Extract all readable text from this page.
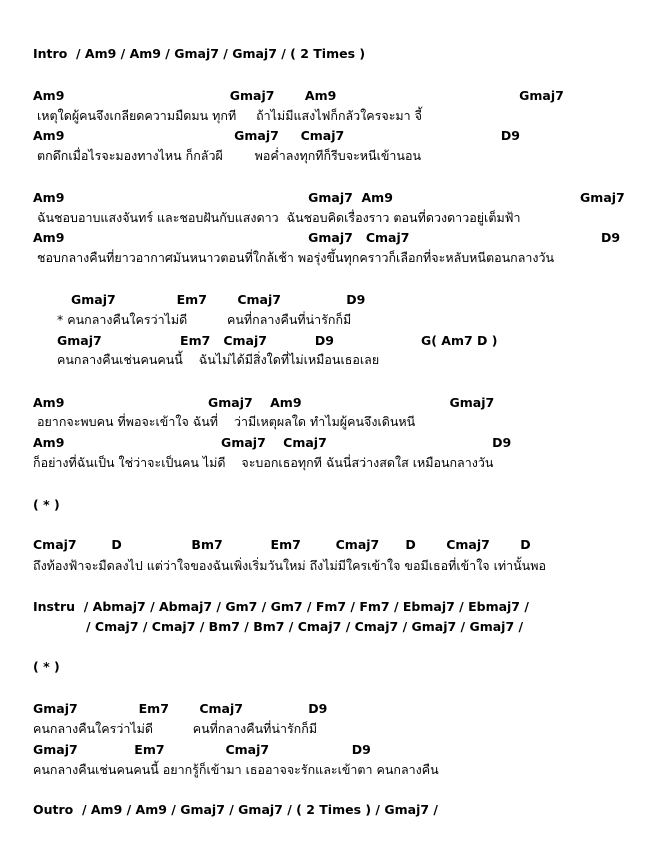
Intro  / Am9 / Am9 / Gmaj7 / Gmaj7 / ( 2 Times )
Am9                                      Gmaj7       Am9                                          Gmaj7
เหตุใดผู้คนจึงเกลียดความมืดมน ทุกที     ถ้าไม่มีแสงไฟก็กลัวใครจะมา จี้
Am9                                       Gmaj7     Cmaj7                                    D9
ตกดึกเมื่อไรจะมองทางไหน ก็กลัวผี        พอค่ำลงทุกทีก็รีบจะหนีเข้านอน
Am9                                                        Gmaj7  Am9                                           Gmaj7
ฉันชอบอาบแสงจันทร์ และชอบฝันกับแสงดาว  ฉันชอบคิดเรื่องราว ตอนที่ดวงดาวอยู่เต็มฟ้า
Am9                                                        Gmaj7   Cmaj7                                            D9
ชอบกลางคืนที่ยาวอากาศมันหนาวตอนที่ใกล้เช้า พอรุ่งขึ้นทุกคราวก็เลือกที่จะหลับหนีตอนกลางวัน
Gmaj7              Em7       Cmaj7               D9
* คนกลางคืนใครว่าไม่ดี          คนที่กลางคืนที่น่ารักก็มี
Gmaj7                  Em7   Cmaj7           D9                    G( Am7 D )
คนกลางคืนเช่นคนคนนี้    ฉันไม่ได้มีสิ่งใดที่ไม่เหมือนเธอเลย
Am9                                 Gmaj7    Am9                                  Gmaj7
อยากจะพบคน ที่พอจะเข้าใจ ฉันที่    ว่ามีเหตุผลใด ทำไมผู้คนจึงเดินหนี
Am9                                    Gmaj7    Cmaj7                                      D9
ก็อย่างที่ฉันเป็น ใช่ว่าจะเป็นคน ไม่ดี    จะบอกเธอทุกที ฉันนี่สว่างสดใส เหมือนกลางวัน
( * )
Cmaj7        D                Bm7           Em7        Cmaj7      D       Cmaj7       D
ถึงท้องฟ้าจะมืดลงไป แต่ว่าใจของฉันเพิ่งเริ่มวันใหม่ ถึงไม่มีใครเข้าใจ ขอมีเธอที่เข้าใจ เท่านั้นพอ
Instru  / Abmaj7 / Abmaj7 / Gm7 / Gm7 / Fm7 / Fm7 / Ebmaj7 / Ebmaj7 /
/ Cmaj7 / Cmaj7 / Bm7 / Bm7 / Cmaj7 / Cmaj7 / Gmaj7 / Gmaj7 /
( * )
Gmaj7              Em7       Cmaj7               D9
คนกลางคืนใครว่าไม่ดี          คนที่กลางคืนที่น่ารักก็มี
Gmaj7             Em7              Cmaj7                   D9
คนกลางคืนเช่นคนคนนี้ อยากรู้ก็เข้ามา เธออาจจะรักและเข้าตา คนกลางคืน
Outro  / Am9 / Am9 / Gmaj7 / Gmaj7 / ( 2 Times ) / Gmaj7 /
